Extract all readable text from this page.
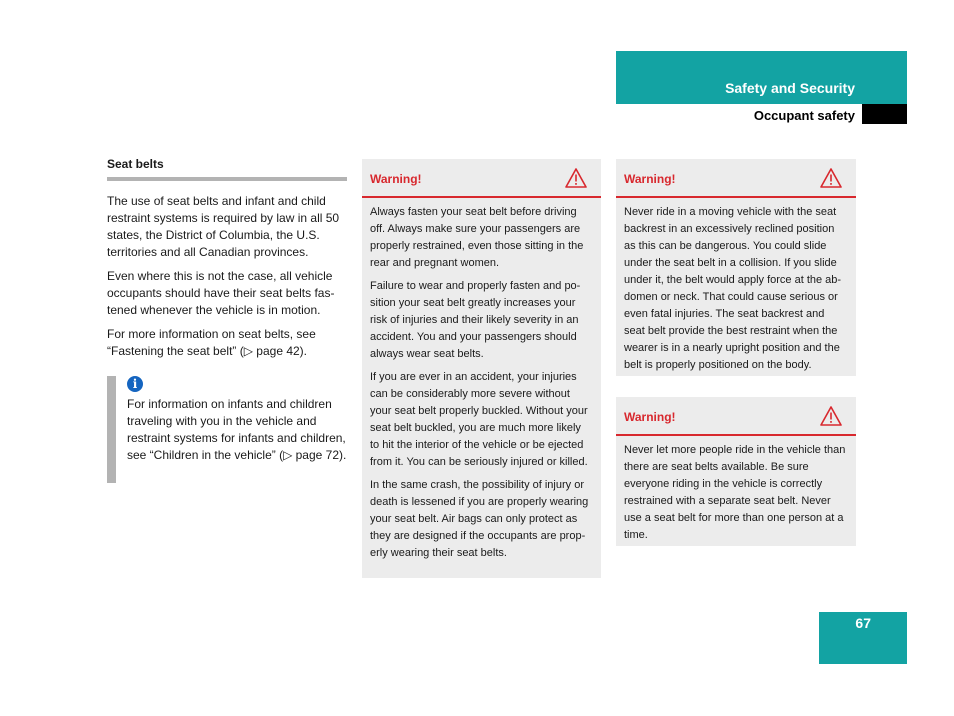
Safety and Security
Occupant safety
Seat belts

The use of seat belts and infant and child restraint systems is required by law in all 50 states, the District of Columbia, the U.S. territories and all Canadian provinces.

Even where this is not the case, all vehicle occupants should have their seat belts fas-tened whenever the vehicle is in motion.

For more information on seat belts, see “Fastening the seat belt” (▷ page 42).

i
For information on infants and children traveling with you in the vehicle and restraint systems for infants and children, see “Children in the vehicle” (▷ page 72).
Warning!

Always fasten your seat belt before driving off. Always make sure your passengers are properly restrained, even those sitting in the rear and pregnant women.

Failure to wear and properly fasten and po-sition your seat belt greatly increases your risk of injuries and their likely severity in an accident. You and your passengers should always wear seat belts.

If you are ever in an accident, your injuries can be considerably more severe without your seat belt properly buckled. Without your seat belt buckled, you are much more likely to hit the interior of the vehicle or be ejected from it. You can be seriously injured or killed.

In the same crash, the possibility of injury or death is lessened if you are properly wearing your seat belt. Air bags can only protect as they are designed if the occupants are prop-erly wearing their seat belts.

Warning!

Never ride in a moving vehicle with the seat backrest in an excessively reclined position as this can be dangerous. You could slide under the seat belt in a collision. If you slide under it, the belt would apply force at the ab-domen or neck. That could cause serious or even fatal injuries. The seat backrest and seat belt provide the best restraint when the wearer is in a nearly upright position and the belt is properly positioned on the body.

Warning!

Never let more people ride in the vehicle than there are seat belts available. Be sure everyone riding in the vehicle is correctly restrained with a separate seat belt. Never use a seat belt for more than one person at a time.

67
